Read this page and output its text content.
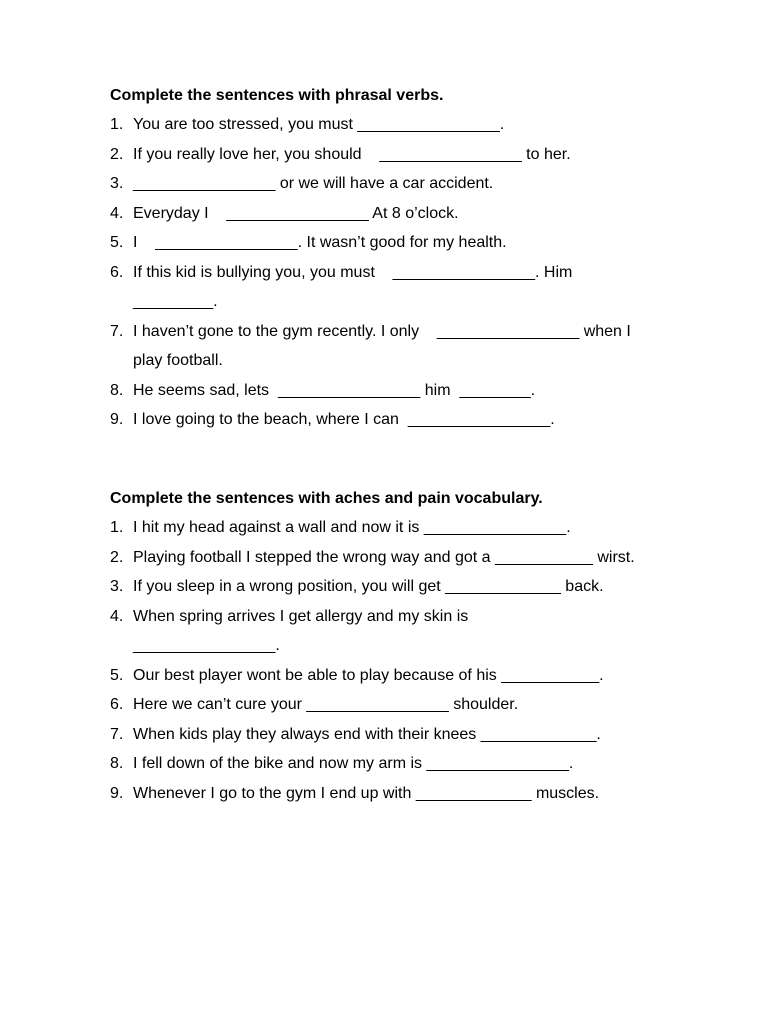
Complete the sentences with phrasal verbs.
1. You are too stressed, you must ________________.
2. If you really love her, you should    ________________ to her.
3. ________________ or we will have a car accident.
4. Everyday I    ________________ At 8 o’clock.
5. I    ________________. It wasn’t good for my health.
6. If this kid is bullying you, you must    ________________. Him _________.
7. I haven’t gone to the gym recently. I only    ________________ when I play football.
8. He seems sad, lets  ________________ him  ________.
9. I love going to the beach, where I can  ________________.
Complete the sentences with aches and pain vocabulary.
1. I hit my head against a wall and now it is ________________.
2. Playing football I stepped the wrong way and got a ___________ wirst.
3. If you sleep in a wrong position, you will get _____________ back.
4. When spring arrives I get allergy and my skin is ________________.
5. Our best player wont be able to play because of his ___________.
6. Here we can’t cure your ________________ shoulder.
7. When kids play they always end with their knees _____________.
8. I fell down of the bike and now my arm is ________________.
9. Whenever I go to the gym I end up with _____________ muscles.
